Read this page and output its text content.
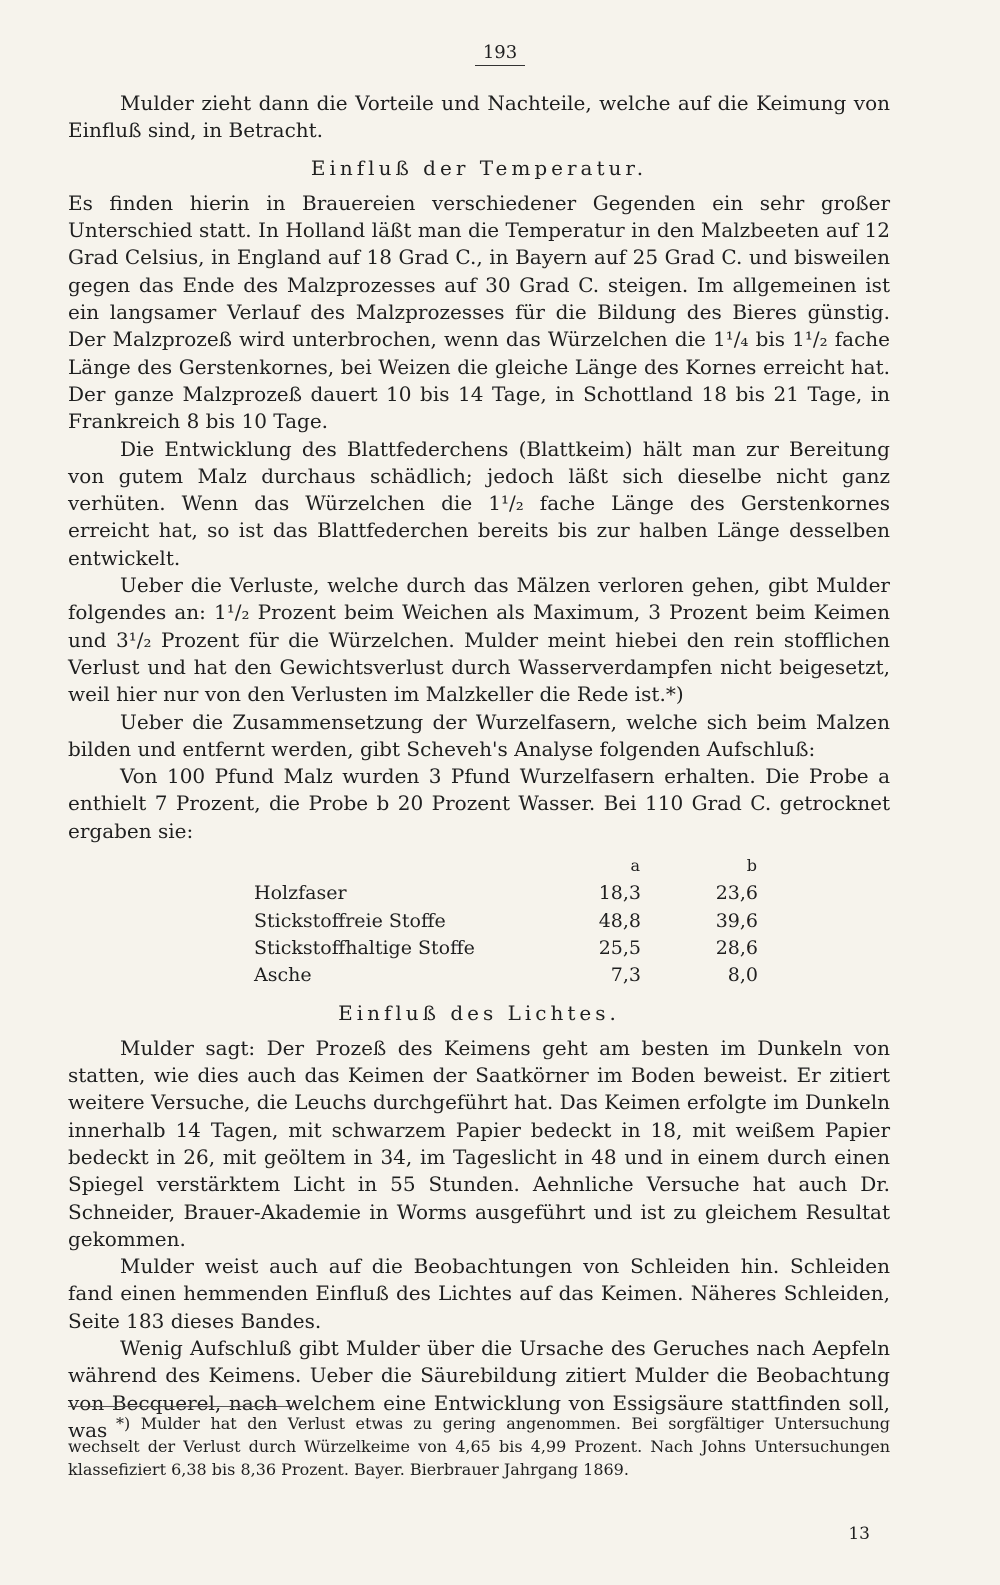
193

Mulder zieht dann die Vorteile und Nachteile, welche auf die Keimung von Einfluß sind, in Betracht.

Einfluß der Temperatur.

Es finden hierin in Brauereien verschiedener Gegenden ein sehr großer Unterschied statt. In Holland läßt man die Temperatur in den Malzbeeten auf 12 Grad Celsius, in England auf 18 Grad C., in Bayern auf 25 Grad C. und bisweilen gegen das Ende des Malzprozesses auf 30 Grad C. steigen. Im allgemeinen ist ein langsamer Verlauf des Malzprozesses für die Bildung des Bieres günstig. Der Malzprozeß wird unterbrochen, wenn das Würzelchen die 1¹/₄ bis 1¹/₂ fache Länge des Gerstenkornes, bei Weizen die gleiche Länge des Kornes erreicht hat. Der ganze Malzprozeß dauert 10 bis 14 Tage, in Schottland 18 bis 21 Tage, in Frankreich 8 bis 10 Tage.

Die Entwicklung des Blattfederchens (Blattkeim) hält man zur Bereitung von gutem Malz durchaus schädlich; jedoch läßt sich dieselbe nicht ganz verhüten. Wenn das Würzelchen die 1¹/₂ fache Länge des Gerstenkornes erreicht hat, so ist das Blattfederchen bereits bis zur halben Länge desselben entwickelt.

Ueber die Verluste, welche durch das Mälzen verloren gehen, gibt Mulder folgendes an: 1¹/₂ Prozent beim Weichen als Maximum, 3 Prozent beim Keimen und 3¹/₂ Prozent für die Würzelchen. Mulder meint hiebei den rein stofflichen Verlust und hat den Gewichtsverlust durch Wasserverdampfen nicht beigesetzt, weil hier nur von den Verlusten im Malzkeller die Rede ist.*)

Ueber die Zusammensetzung der Wurzelfasern, welche sich beim Malzen bilden und entfernt werden, gibt Scheveh's Analyse folgenden Aufschluß:

Von 100 Pfund Malz wurden 3 Pfund Wurzelfasern erhalten. Die Probe a enthielt 7 Prozent, die Probe b 20 Prozent Wasser. Bei 110 Grad C. getrocknet ergaben sie:

	a	b
Holzfaser	18,3	23,6
Stickstoffreie Stoffe	48,8	39,6
Stickstoffhaltige Stoffe	25,5	28,6
Asche	7,3	8,0
Einfluß des Lichtes.

Mulder sagt: Der Prozeß des Keimens geht am besten im Dunkeln von statten, wie dies auch das Keimen der Saatkörner im Boden beweist. Er zitiert weitere Versuche, die Leuchs durchgeführt hat. Das Keimen erfolgte im Dunkeln innerhalb 14 Tagen, mit schwarzem Papier bedeckt in 18, mit weißem Papier bedeckt in 26, mit geöltem in 34, im Tageslicht in 48 und in einem durch einen Spiegel verstärktem Licht in 55 Stunden. Aehnliche Versuche hat auch Dr. Schneider, Brauer-Akademie in Worms ausgeführt und ist zu gleichem Resultat gekommen.

Mulder weist auch auf die Beobachtungen von Schleiden hin. Schleiden fand einen hemmenden Einfluß des Lichtes auf das Keimen. Näheres Schleiden, Seite 183 dieses Bandes.

Wenig Aufschluß gibt Mulder über die Ursache des Geruches nach Aepfeln während des Keimens. Ueber die Säurebildung zitiert Mulder die Beobachtung von Becquerel, nach welchem eine Entwicklung von Essigsäure stattfinden soll, was *) Mulder hat den Verlust etwas zu gering angenommen. Bei sorgfältiger Untersuchung wechselt der Verlust durch Würzelkeime von 4,65 bis 4,99 Prozent. Nach Johns Untersuchungen klassefiziert 6,38 bis 8,36 Prozent. Bayer. Bierbrauer Jahrgang 1869.

13
